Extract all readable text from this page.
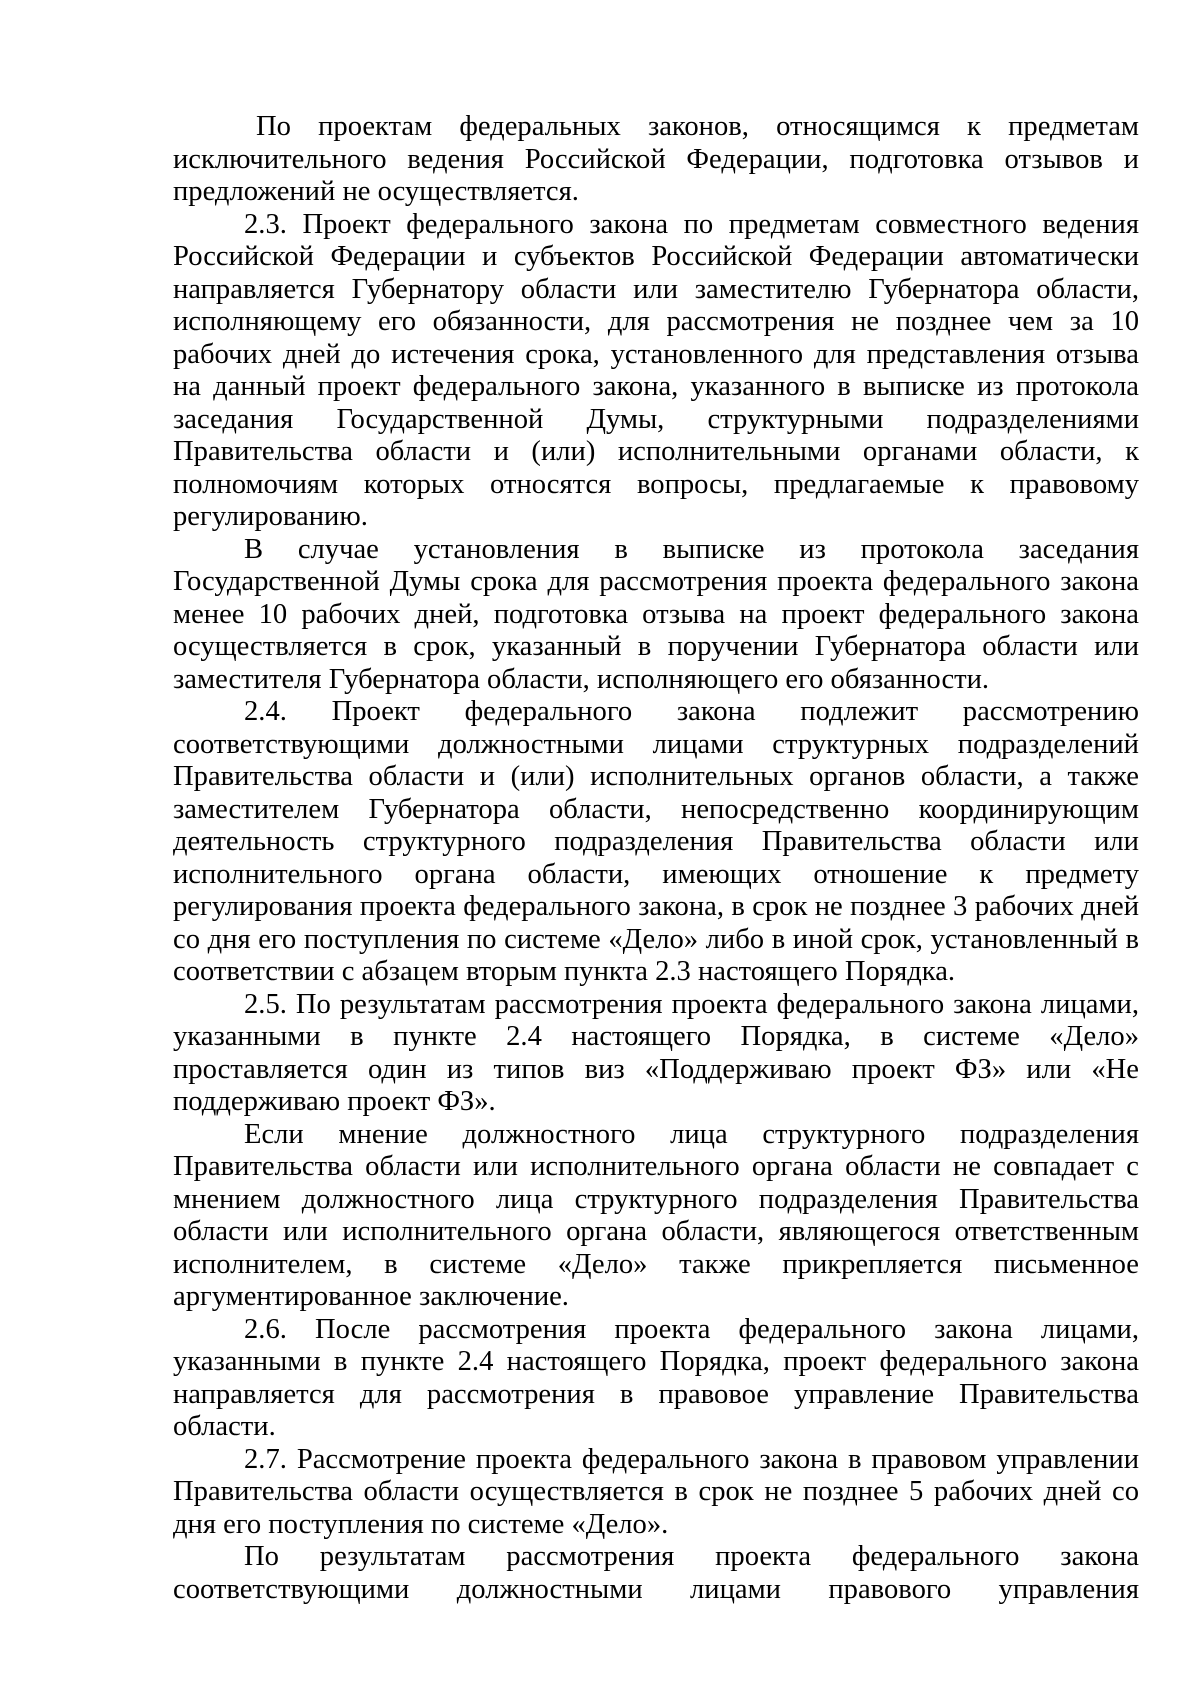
По проектам федеральных законов, относящимся к предметам исключительного ведения Российской Федерации, подготовка отзывов и предложений не осуществляется.

2.3. Проект федерального закона по предметам совместного ведения Российской Федерации и субъектов Российской Федерации автоматически направляется Губернатору области или заместителю Губернатора области, исполняющему его обязанности, для рассмотрения не позднее чем за 10 рабочих дней до истечения срока, установленного для представления отзыва на данный проект федерального закона, указанного в выписке из протокола заседания Государственной Думы, структурными подразделениями Правительства области и (или) исполнительными органами области, к полномочиям которых относятся вопросы, предлагаемые к правовому регулированию.

В случае установления в выписке из протокола заседания Государственной Думы срока для рассмотрения проекта федерального закона менее 10 рабочих дней, подготовка отзыва на проект федерального закона осуществляется в срок, указанный в поручении Губернатора области или заместителя Губернатора области, исполняющего его обязанности.

2.4. Проект федерального закона подлежит рассмотрению соответствующими должностными лицами структурных подразделений Правительства области и (или) исполнительных органов области, а также заместителем Губернатора области, непосредственно координирующим деятельность структурного подразделения Правительства области или исполнительного органа области, имеющих отношение к предмету регулирования проекта федерального закона, в срок не позднее 3 рабочих дней со дня его поступления по системе «Дело» либо в иной срок, установленный в соответствии с абзацем вторым пункта 2.3 настоящего Порядка.

2.5. По результатам рассмотрения проекта федерального закона лицами, указанными в пункте 2.4 настоящего Порядка, в системе «Дело» проставляется один из типов виз «Поддерживаю проект ФЗ» или «Не поддерживаю проект ФЗ».

Если мнение должностного лица структурного подразделения Правительства области или исполнительного органа области не совпадает с мнением должностного лица структурного подразделения Правительства области или исполнительного органа области, являющегося ответственным исполнителем, в системе «Дело» также прикрепляется письменное аргументированное заключение.

2.6. После рассмотрения проекта федерального закона лицами, указанными в пункте 2.4 настоящего Порядка, проект федерального закона направляется для рассмотрения в правовое управление Правительства области.

2.7. Рассмотрение проекта федерального закона в правовом управлении Правительства области осуществляется в срок не позднее 5 рабочих дней со дня его поступления по системе «Дело».

По результатам рассмотрения проекта федерального закона соответствующими должностными лицами правового управления
